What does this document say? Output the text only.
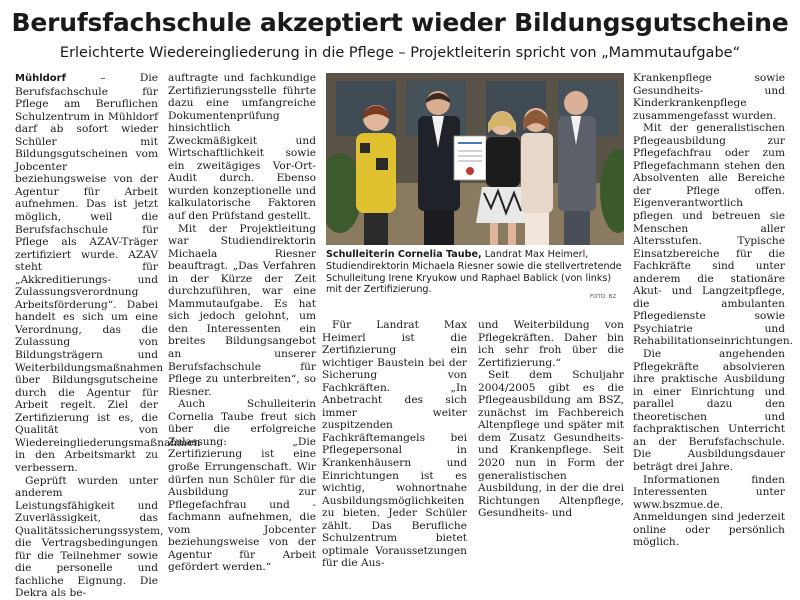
Berufsfachschule akzeptiert wieder Bildungsgutscheine
Erleichterte Wiedereingliederung in die Pflege – Projektleiterin spricht von „Mammutaufgabe“

Mühldorf	– Die Berufsfachschule für Pflege am Beruflichen Schulzentrum in Mühldorf darf ab sofort wieder Schüler mit Bildungsgutscheinen vom Jobcenter beziehungsweise von der Agentur für Arbeit aufnehmen. Das ist jetzt möglich, weil die Berufsfachschule für Pflege als AZAV-Träger zertifiziert wurde. AZAV steht für „Akkreditierungs- und Zulassungsverordnung Arbeitsförderung“. Dabei handelt es sich um eine Verordnung, das die Zulassung von Bildungsträgern und Weiterbildungsmaßnahmen über Bildungsgutscheine durch die Agentur für Arbeit regelt. Ziel der Zertifizierung ist es, die Qualität von Wiedereingliederungsmaßnahmen in den Arbeitsmarkt zu verbessern.

Geprüft wurden unter anderem Leistungsfähigkeit und Zuverlässigkeit, das Qualitätssicherungssystem, die Vertragsbedingungen für die Teilnehmer sowie die personelle und fachliche Eignung. Die Dekra als be-

auftragte und fachkundige Zertifizierungsstelle führte dazu eine umfangreiche Dokumentenprüfung hinsichtlich Zweckmäßigkeit und Wirtschaftlichkeit sowie ein zweitägiges Vor-Ort-Audit durch. Ebenso wurden konzeptionelle und kalkulatorische Faktoren auf den Prüfstand gestellt.

Mit der Projektleitung war Studiendirektorin Michaela Riesner beauftragt. „Das Verfahren in der Kürze der Zeit durchzuführen, war eine Mammutaufgabe. Es hat sich jedoch gelohnt, um den Interessenten ein breites Bildungsangebot an unserer Berufsfachschule für Pflege zu unterbreiten“, so Riesner.

Auch Schulleiterin Cornelia Taube freut sich über die erfolgreiche Zulassung: „Die Zertifizierung ist eine große Errungenschaft. Wir dürfen nun Schüler für die Ausbildung zur Pflegefachfrau und -fachmann aufnehmen, die vom Jobcenter beziehungsweise von der Agentur für Arbeit gefördert werden.“

Schulleiterin Cornelia Taube, Landrat Max Heimerl, Studiendirektorin Michaela Riesner sowie die stellvertretende Schulleitung Irene Kryukow und Raphael Bablick (von links) mit der Zertifizierung.
FOTO: BZ

Für Landrat Max Heimerl ist die Zertifizierung ein wichtiger Baustein bei der Sicherung von Fachkräften. „In Anbetracht des sich immer weiter zuspitzenden Fachkräftemangels bei Pflegepersonal in Krankenhäusern und Einrichtungen ist es wichtig, wohnortnahe Ausbildungsmöglichkeiten zu bieten. Jeder Schüler zählt. Das Berufliche Schulzentrum bietet optimale Voraussetzungen für die Aus-

und Weiterbildung von Pflegekräften. Daher bin ich sehr froh über die Zertifizierung.“

Seit dem Schuljahr 2004/2005 gibt es die Pflegeausbildung am BSZ, zunächst im Fachbereich Altenpflege und später mit dem Zusatz Gesundheits- und Krankenpflege. Seit 2020 nun in Form der generalistischen Ausbildung, in der die drei Richtungen Altenpflege, Gesundheits- und

Krankenpflege sowie Gesundheits- und Kinderkrankenpflege zusammengefasst wurden.

Mit der generalistischen Pflegeausbildung zur Pflegefachfrau oder zum Pflegefachmann stehen den Absolventen alle Bereiche der Pflege offen. Eigenverantwortlich pflegen und betreuen sie Menschen aller Altersstufen. Typische Einsatzbereiche für die Fachkräfte sind unter anderem die stationäre Akut- und Langzeitpflege, die ambulanten Pflegedienste sowie Psychiatrie und Rehabilitationseinrichtungen.

Die angehenden Pflegekräfte absolvieren ihre praktische Ausbildung in einer Einrichtung und parallel dazu den theoretischen und fachpraktischen Unterricht an der Berufsfachschule. Die Ausbildungsdauer beträgt drei Jahre.

Informationen finden Interessenten unter www.bszmue.de. Anmeldungen sind jederzeit online oder persönlich möglich.
